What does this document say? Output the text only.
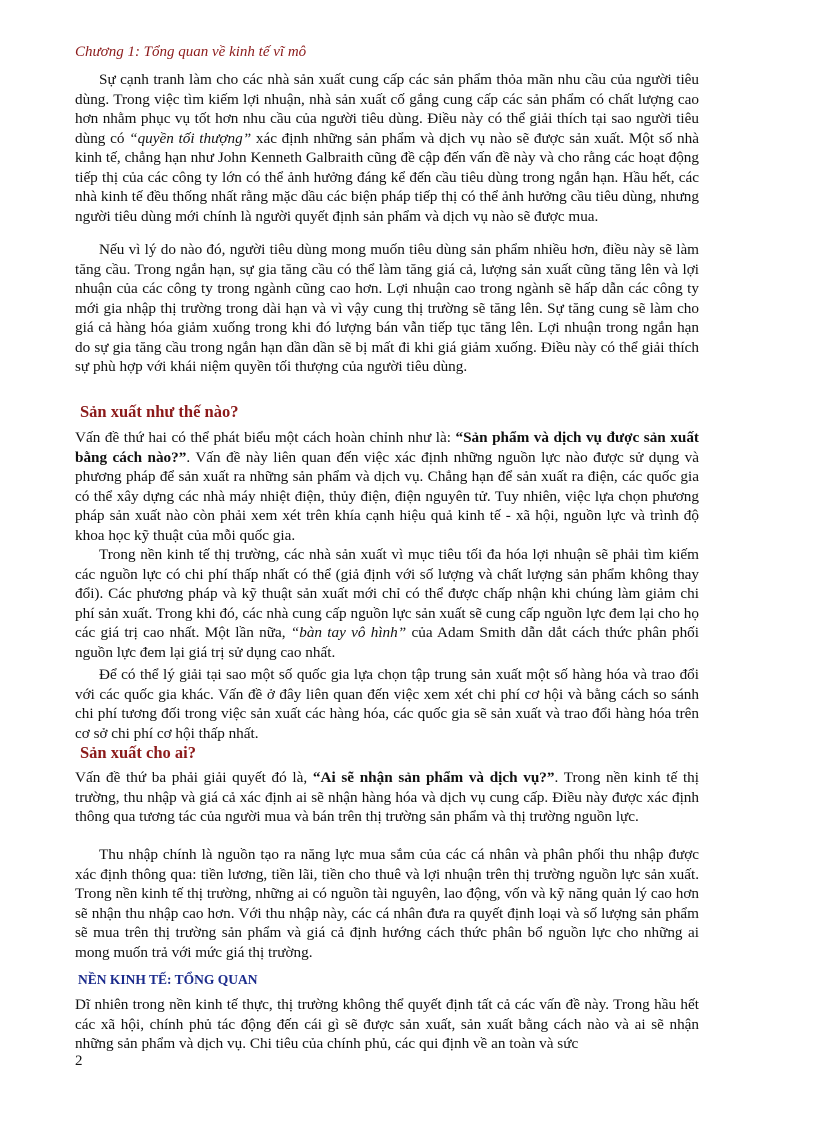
Chương 1: Tổng quan về kinh tế vĩ mô

Sự cạnh tranh làm cho các nhà sản xuất cung cấp các sản phẩm thỏa mãn nhu cầu của người tiêu dùng. Trong việc tìm kiếm lợi nhuận, nhà sản xuất cố gắng cung cấp các sản phẩm có chất lượng cao hơn nhằm phục vụ tốt hơn nhu cầu của người tiêu dùng. Điều này có thể giải thích tại sao người tiêu dùng có “quyền tối thượng” xác định những sản phẩm và dịch vụ nào sẽ được sản xuất. Một số nhà kinh tế, chẳng hạn như John Kenneth Galbraith cũng đề cập đến vấn đề này và cho rằng các hoạt động tiếp thị của các công ty lớn có thể ảnh hưởng đáng kể đến cầu tiêu dùng trong ngắn hạn. Hầu hết, các nhà kinh tế đều thống nhất rằng mặc dầu các biện pháp tiếp thị có thể ảnh hưởng cầu tiêu dùng, nhưng người tiêu dùng mới chính là người quyết định sản phẩm và dịch vụ nào sẽ được mua.

Nếu vì lý do nào đó, người tiêu dùng mong muốn tiêu dùng sản phẩm nhiều hơn, điều này sẽ làm tăng cầu. Trong ngắn hạn, sự gia tăng cầu có thể làm tăng giá cả, lượng sản xuất cũng tăng lên và lợi nhuận của các công ty trong ngành cũng cao hơn. Lợi nhuận cao trong ngành sẽ hấp dẫn các công ty mới gia nhập thị trường trong dài hạn và vì vậy cung thị trường sẽ tăng lên. Sự tăng cung sẽ làm cho giá cả hàng hóa giảm xuống trong khi đó lượng bán vẫn tiếp tục tăng lên. Lợi nhuận trong ngắn hạn do sự gia tăng cầu trong ngắn hạn dần dần sẽ bị mất đi khi giá giảm xuống. Điều này có thể giải thích sự phù hợp với khái niệm quyền tối thượng của người tiêu dùng.

Sản xuất như thế nào?

Vấn đề thứ hai có thể phát biểu một cách hoàn chỉnh như là: “Sản phẩm và dịch vụ được sản xuất bằng cách nào?”. Vấn đề này liên quan đến việc xác định những nguồn lực nào được sử dụng và phương pháp để sản xuất ra những sản phẩm và dịch vụ. Chẳng hạn để sản xuất ra điện, các quốc gia có thể xây dựng các nhà máy nhiệt điện, thủy điện, điện nguyên tử. Tuy nhiên, việc lựa chọn phương pháp sản xuất nào còn phải xem xét trên khía cạnh hiệu quả kinh tế - xã hội, nguồn lực và trình độ khoa học kỹ thuật của mỗi quốc gia.

Trong nền kinh tế thị trường, các nhà sản xuất vì mục tiêu tối đa hóa lợi nhuận sẽ phải tìm kiếm các nguồn lực có chi phí thấp nhất có thể (giả định với số lượng và chất lượng sản phẩm không thay đổi). Các phương pháp và kỹ thuật sản xuất mới chỉ có thể được chấp nhận khi chúng làm giảm chi phí sản xuất. Trong khi đó, các nhà cung cấp nguồn lực sản xuất sẽ cung cấp nguồn lực đem lại cho họ các giá trị cao nhất. Một lần nữa, “bàn tay vô hình” của Adam Smith dẫn dắt cách thức phân phối nguồn lực đem lại giá trị sử dụng cao nhất.

Để có thể lý giải tại sao một số quốc gia lựa chọn tập trung sản xuất một số hàng hóa và trao đổi với các quốc gia khác. Vấn đề ở đây liên quan đến việc xem xét chi phí cơ hội và bằng cách so sánh chi phí tương đối trong việc sản xuất các hàng hóa, các quốc gia sẽ sản xuất và trao đổi hàng hóa trên cơ sở chi phí cơ hội thấp nhất.

Sản xuất cho ai?

Vấn đề thứ ba phải giải quyết đó là, “Ai sẽ nhận sản phẩm và dịch vụ?”. Trong nền kinh tế thị trường, thu nhập và giá cả xác định ai sẽ nhận hàng hóa và dịch vụ cung cấp. Điều này được xác định thông qua tương tác của người mua và bán trên thị trường sản phẩm và thị trường nguồn lực.

Thu nhập chính là nguồn tạo ra năng lực mua sắm của các cá nhân và phân phối thu nhập được xác định thông qua: tiền lương, tiền lãi, tiền cho thuê và lợi nhuận trên thị trường nguồn lực sản xuất. Trong nền kinh tế thị trường, những ai có nguồn tài nguyên, lao động, vốn và kỹ năng quản lý cao hơn sẽ nhận thu nhập cao hơn. Với thu nhập này, các cá nhân đưa ra quyết định loại và số lượng sản phẩm sẽ mua trên thị trường sản phẩm và giá cả định hướng cách thức phân bổ nguồn lực cho những ai mong muốn trả với mức giá thị trường.

NỀN KINH TẾ: TỔNG QUAN

Dĩ nhiên trong nền kinh tế thực, thị trường không thể quyết định tất cả các vấn đề này. Trong hầu hết các xã hội, chính phủ tác động đến cái gì sẽ được sản xuất, sản xuất bằng cách nào và ai sẽ nhận những sản phẩm và dịch vụ. Chi tiêu của chính phủ, các qui định về an toàn và sức

2
